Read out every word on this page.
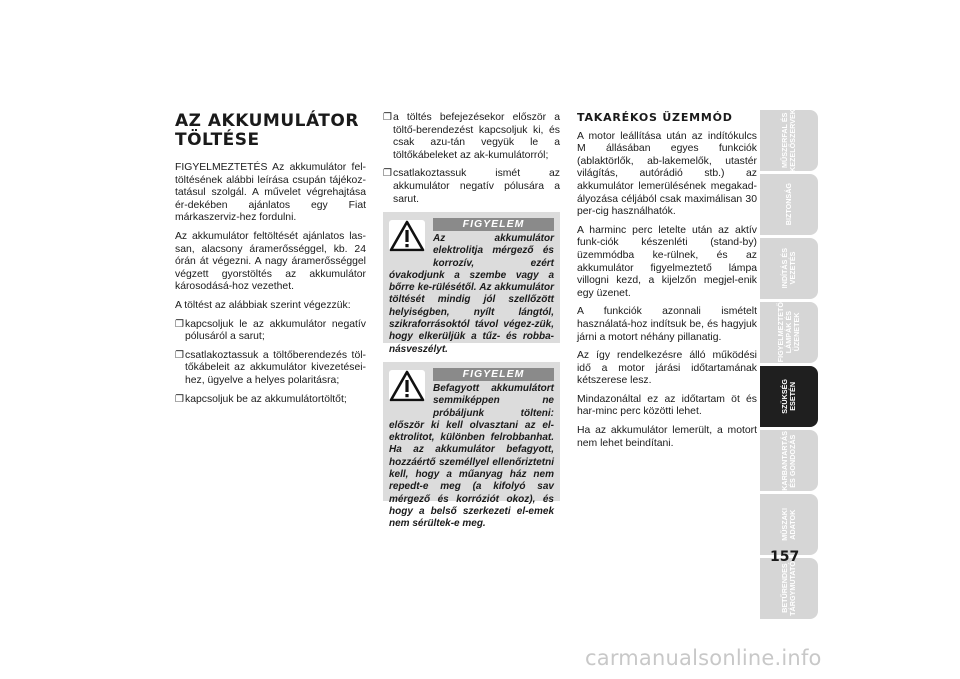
AZ AKKUMULÁTOR
TÖLTÉSE

FIGYELMEZTETÉS Az akkumulátor fel-töltésének alábbi leírása csupán tájékoz-tatásul szolgál. A művelet végrehajtása ér-dekében ajánlatos egy Fiat márkaszerviz-hez fordulni.

Az akkumulátor feltöltését ajánlatos las-san, alacsony áramerősséggel, kb. 24 órán át végezni. A nagy áramerősséggel végzett gyorstöltés az akkumulátor károsodásá-hoz vezethet.

A töltést az alábbiak szerint végezzük:

❐ kapcsoljuk le az akkumulátor negatív pólusáról a sarut;
❐ csatlakoztassuk a töltőberendezés töl-tőkábeleit az akkumulátor kivezetései-hez, ügyelve a helyes polaritásra;
❐ kapcsoljuk be az akkumulátortöltőt;
❐ a töltés befejezésekor először a töltő-berendezést kapcsoljuk ki, és csak azu-tán vegyük le a töltőkábeleket az ak-kumulátorról;
❐ csatlakoztassuk ismét az akkumulátor negatív pólusára a sarut.
FIGYELEM
Az akkumulátor elektrolitja mérgező és korrozív, ezért óvakodjunk a szembe vagy a bőrre ke-rülésétől. Az akkumulátor töltését mindig jól szellőzött helyiségben, nyílt lángtól, szikraforrásoktól távol végez-zük, hogy elkerüljük a tűz- és robba-násveszélyt.
FIGYELEM
Befagyott akkumulátort semmiképpen ne próbáljunk tölteni: először ki kell olvasztani az el-ektrolitot, különben felrobbanhat. Ha az akkumulátor befagyott, hozzáértő személlyel ellenőriztetni kell, hogy a műanyag ház nem repedt-e meg (a kifolyó sav mérgező és korróziót okoz), és hogy a belső szerkezeti el-emek nem sérültek-e meg.
TAKARÉKOS ÜZEMMÓD

A motor leállítása után az indítókulcs M állásában egyes funkciók (ablaktörlők, ab-lakemelők, utastér világítás, autórádió stb.) az akkumulátor lemerülésének megakad-ályozása céljából csak maximálisan 30 per-cig használhatók.

A harminc perc letelte után az aktív funk-ciók készenléti (stand-by) üzemmódba ke-rülnek, és az akkumulátor figyelmeztető lámpa villogni kezd, a kijelzőn megjel-enik egy üzenet.

A funkciók azonnali ismételt használatá-hoz indítsuk be, és hagyjuk járni a motort néhány pillanatig.

Az így rendelkezésre álló működési idő a motor járási időtartamának kétszerese lesz.

Mindazonáltal ez az időtartam öt és har-minc perc közötti lehet.

Ha az akkumulátor lemerült, a motort nem lehet beindítani.

MŰSZERFAL ÉS
KEZELŐSZERVEK
BIZTONSÁG
INDÍTÁS ÉS
VEZETÉS
FIGYELMEZTETŐ
LÁMPÁK ÉS
ÜZENETEK
SZÜKSÉG
ESETÉN
KARBANTARTÁS
ÉS GONDOZÁS
MŰSZAKI
ADATOK
BETŰRENDES
TÁRGYMUTATÓ
157
carmanualsonline.info
